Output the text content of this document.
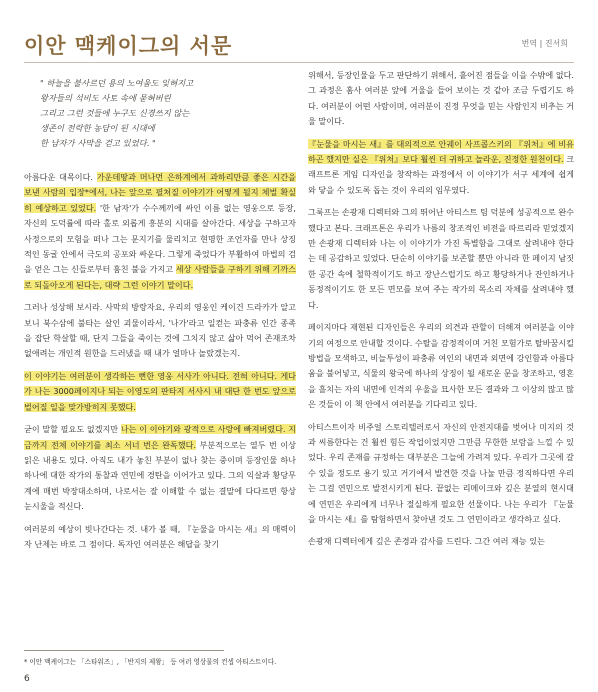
이안 맥케이그의 서문	번역 | 진서희

" 하늘을 불사르던 용의 노여움도 잊혀지고

왕자들의 석비도 사토 속에 묻혀버린

그리고 그런 것들에 누구도 신경쓰지 않는

생존이 전락한 농담이 된 시대에

한 남자가 사막을 걷고 있었다. "

아름다운 대목이다. 가운데땅과 머나먼 은하계에서 과하리만큼 좋은 시간을 보낸 사람의 입장*에서, 나는 앞으로 펼쳐질 이야기가 어떻게 될지 체벌 확실히 예상하고 있었다. '한 남자'가 수수께끼에 싸인 이름 없는 영웅으로 등장, 자신의 도덕률에 따라 홀로 외롭게 흥분의 시대를 살아간다. 세상을 구하고자 사정으로의 모험을 떠나 그는 문지기를 물리치고 현명한 조언자를 만나 상징적인 동굴 안에서 극도의 공포와 싸운다. 그렇게 죽었다가 부활하여 마법의 검을 얻은 그는 신들로부터 훔친 불을 가지고 세상 사람들을 구하기 위해 기까스로 되돌아오게 된다는, 대략 그런 이야기 말이다.

그러나 성상해 보시라. 사막의 방랑자요, 우리의 영웅인 케이건 드라카가 알고 보니 북수삼에 불타는 살인 괴물이라서, '나가'라고 일컫는 파충류 인간 종족을 잡단 학살할 때, 단지 그들을 죽이는 것에 그치지 않고 삶아 먹어 존재조차 없애려는 개인적 원한을 드러냈을 때 내가 얼마나 놀랐겠는지.

이 이야기는 여러분이 생각하는 뻔한 영웅 서사가 아니다. 전혀 아니다. 게다가 나는 3000페이지나 되는 이영도의 판타지 서사시 내 대단 한 번도 앞으로 벌어질 일을 맞가방히지 못했다.

굳이 말할 필요도 없겠지만 나는 이 이야기와 광적으로 사랑에 빠져버렸다. 지금까지 전체 이야기를 최소 서너 번은 완독했다. 부분적으로는 열두 번 이상 읽은 내용도 있다. 아직도 내가 놓친 부분이 없나 찾는 중이며 등장인물 하나하나에 대한 작가의 통찰과 연민에 경탄을 이어가고 있다. 그의 익살과 황당무계에 매번 박장대소하며, 나로서는 잘 이해할 수 없는 결말에 다다르면 항상 눈시울을 적신다.

여러분의 예상이 빗나간다는 것. 내가 볼 때, 『눈물을 마시는 새』의 매력이자 난제는 바로 그 점이다. 독자인 여러분은 해답을 찾기

위해서, 등장인물을 두고 판단하기 위해서, 흩어진 점들을 이을 수밖에 없다. 그 과정은 홈사 여러분 앞에 거울을 들어 보이는 것 같아 조금 두렵기도 하다. 여러분이 어떤 사람이며, 여러분이 진정 무엇을 믿는 사람인지 비추는 거울 말이다.

『눈물을 마시는 새』를 대의적으로 안궤이 사프콥스키의 『위처』에 비유하곤 했지만 실은 『위처』보다 훨씬 더 귀하고 놀라운, 진정한 원천이다. 크래프트론 게임 디자인을 창작하는 과정에서 이 이야기가 서구 세계에 쉽게 와 닿을 수 있도록 돕는 것이 우리의 임무였다.

그룩프는 손광재 디렉터와 그의 뛰어난 아티스트 팀 덕분에 성공적으로 완수했다고 본다. 크래프톤은 우리가 나름의 창조적인 비전을 따르리라 믿었겠지만 손광재 디렉터와 나는 이 이야기가 가진 특별함을 그대로 살려내야 한다는 데 공감하고 있었다. 단순히 이야기를 보존할 뿐만 아니라 한 페이지 남짓한 공간 속에 철학적이기도 하고 장난스럽기도 하고 황당하거나 잔인하거나 동정적이기도 한 모든 면모를 보여 주는 작가의 목소리 자체를 살려내야 했다.

페이지마다 재현된 디자인들은 우리의 의견과 관할이 더해져 여러분을 이야기의 여정으로 안내할 것이다. 수탈을 감정적이며 거친 모험가로 탈바꿈시킬 방법을 모색하고, 비늘투성이 파충류 여인의 내면과 외면에 강인함과 아름다움을 불어넣고, 식물의 왕국에 하나의 상징이 될 새로운 문을 창조하고, 영혼을 흘치는 자의 내면에 인격의 우울을 묘사한 모든 결과와 그 이상의 많고 많은 것들이 이 책 안에서 여러분을 기다리고 있다.

아티스트이자 비주얼 스토리텔러로서 자신의 안전지대를 벗어나 미지의 것과 씨름한다는 건 훨씬 힘든 작업이었지만 그만큼 무한한 보람을 느낄 수 있었다. 우리 존재를 규정하는 대부분은 그늘에 가려져 있다. 우리가 그곳에 갈 수 있을 정도로 용기 있고 거기에서 발견한 것을 나눌 만큼 정직하다면 우리는 그걸 연민으로 발전시키게 된다. 끝없는 리메이크와 깊은 분열의 현시대에 연민은 우리에게 너무나 절실하게 필요한 선물이다. 나는 우리가 『눈물을 마시는 새』를 탐험하면서 찾아낸 것도 그 연민이라고 생각하고 싶다.

손광재 디렉터에게 깊은 존경과 감사를 드린다. 그간 여러 재능 있는

* 이안 맥케이그는 「스타워즈」, 「반지의 제왕」 등 여러 영상물의 컨셉 아티스트이다.
6
